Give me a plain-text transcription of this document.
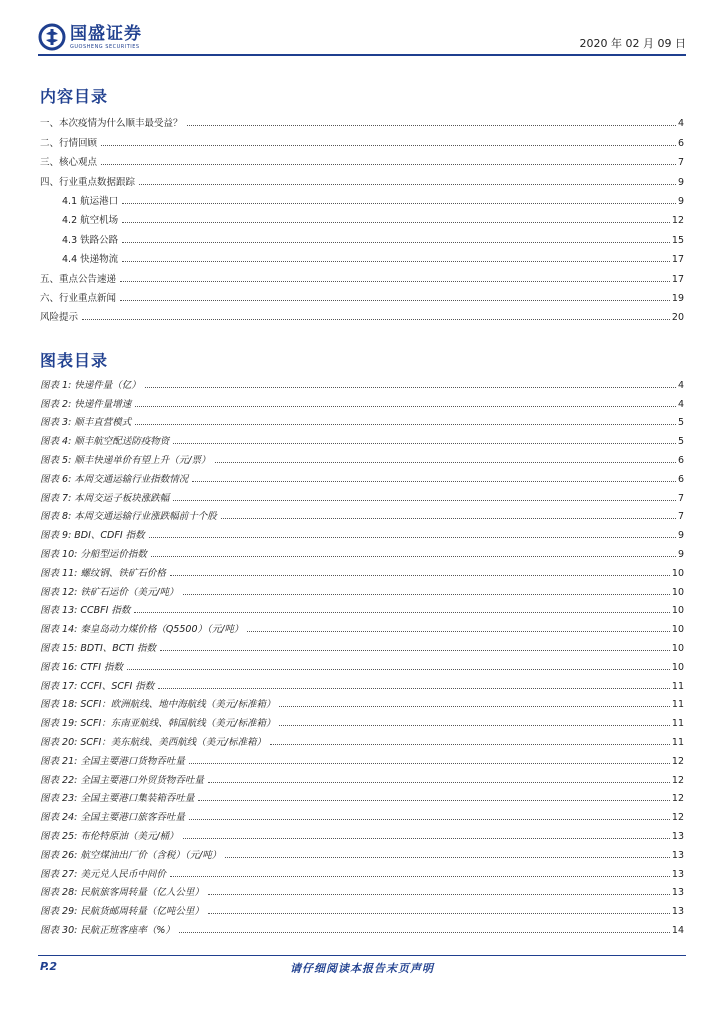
国盛证券
GUOSHENG SECURITIES	2020 年 02 月 09 日
内容目录
一、本次疫情为什么顺丰最受益？	4
二、行情回顾	6
三、核心观点	7
四、行业重点数据跟踪	9
4.1 航运港口	9
4.2 航空机场	12
4.3 铁路公路	15
4.4 快递物流	17
五、重点公告速递	17
六、行业重点新闻	19
风险提示	20
图表目录
图表 1: 快递件量（亿）	4
图表 2: 快递件量增速	4
图表 3: 顺丰直营模式	5
图表 4: 顺丰航空配送防疫物资	5
图表 5: 顺丰快递单价有望上升（元/票）	6
图表 6: 本周交通运输行业指数情况	6
图表 7: 本周交运子板块涨跌幅	7
图表 8: 本周交通运输行业涨跌幅前十个股	7
图表 9: BDI、CDFI 指数	9
图表 10: 分船型运价指数	9
图表 11: 螺纹钢、铁矿石价格	10
图表 12: 铁矿石运价（美元/吨）	10
图表 13: CCBFI 指数	10
图表 14: 秦皇岛动力煤价格（Q5500）（元/吨）	10
图表 15: BDTI、BCTI 指数	10
图表 16: CTFI 指数	10
图表 17: CCFI、SCFI 指数	11
图表 18: SCFI：欧洲航线、地中海航线（美元/标准箱）	11
图表 19: SCFI：东南亚航线、韩国航线（美元/标准箱）	11
图表 20: SCFI：美东航线、美西航线（美元/标准箱）	11
图表 21: 全国主要港口货物吞吐量	12
图表 22: 全国主要港口外贸货物吞吐量	12
图表 23: 全国主要港口集装箱吞吐量	12
图表 24: 全国主要港口旅客吞吐量	12
图表 25: 布伦特原油（美元/桶）	13
图表 26: 航空煤油出厂价（含税）（元/吨）	13
图表 27: 美元兑人民币中间价	13
图表 28: 民航旅客周转量（亿人公里）	13
图表 29: 民航货邮周转量（亿吨公里）	13
图表 30: 民航正班客座率（%）	14
P.2	请仔细阅读本报告末页声明
